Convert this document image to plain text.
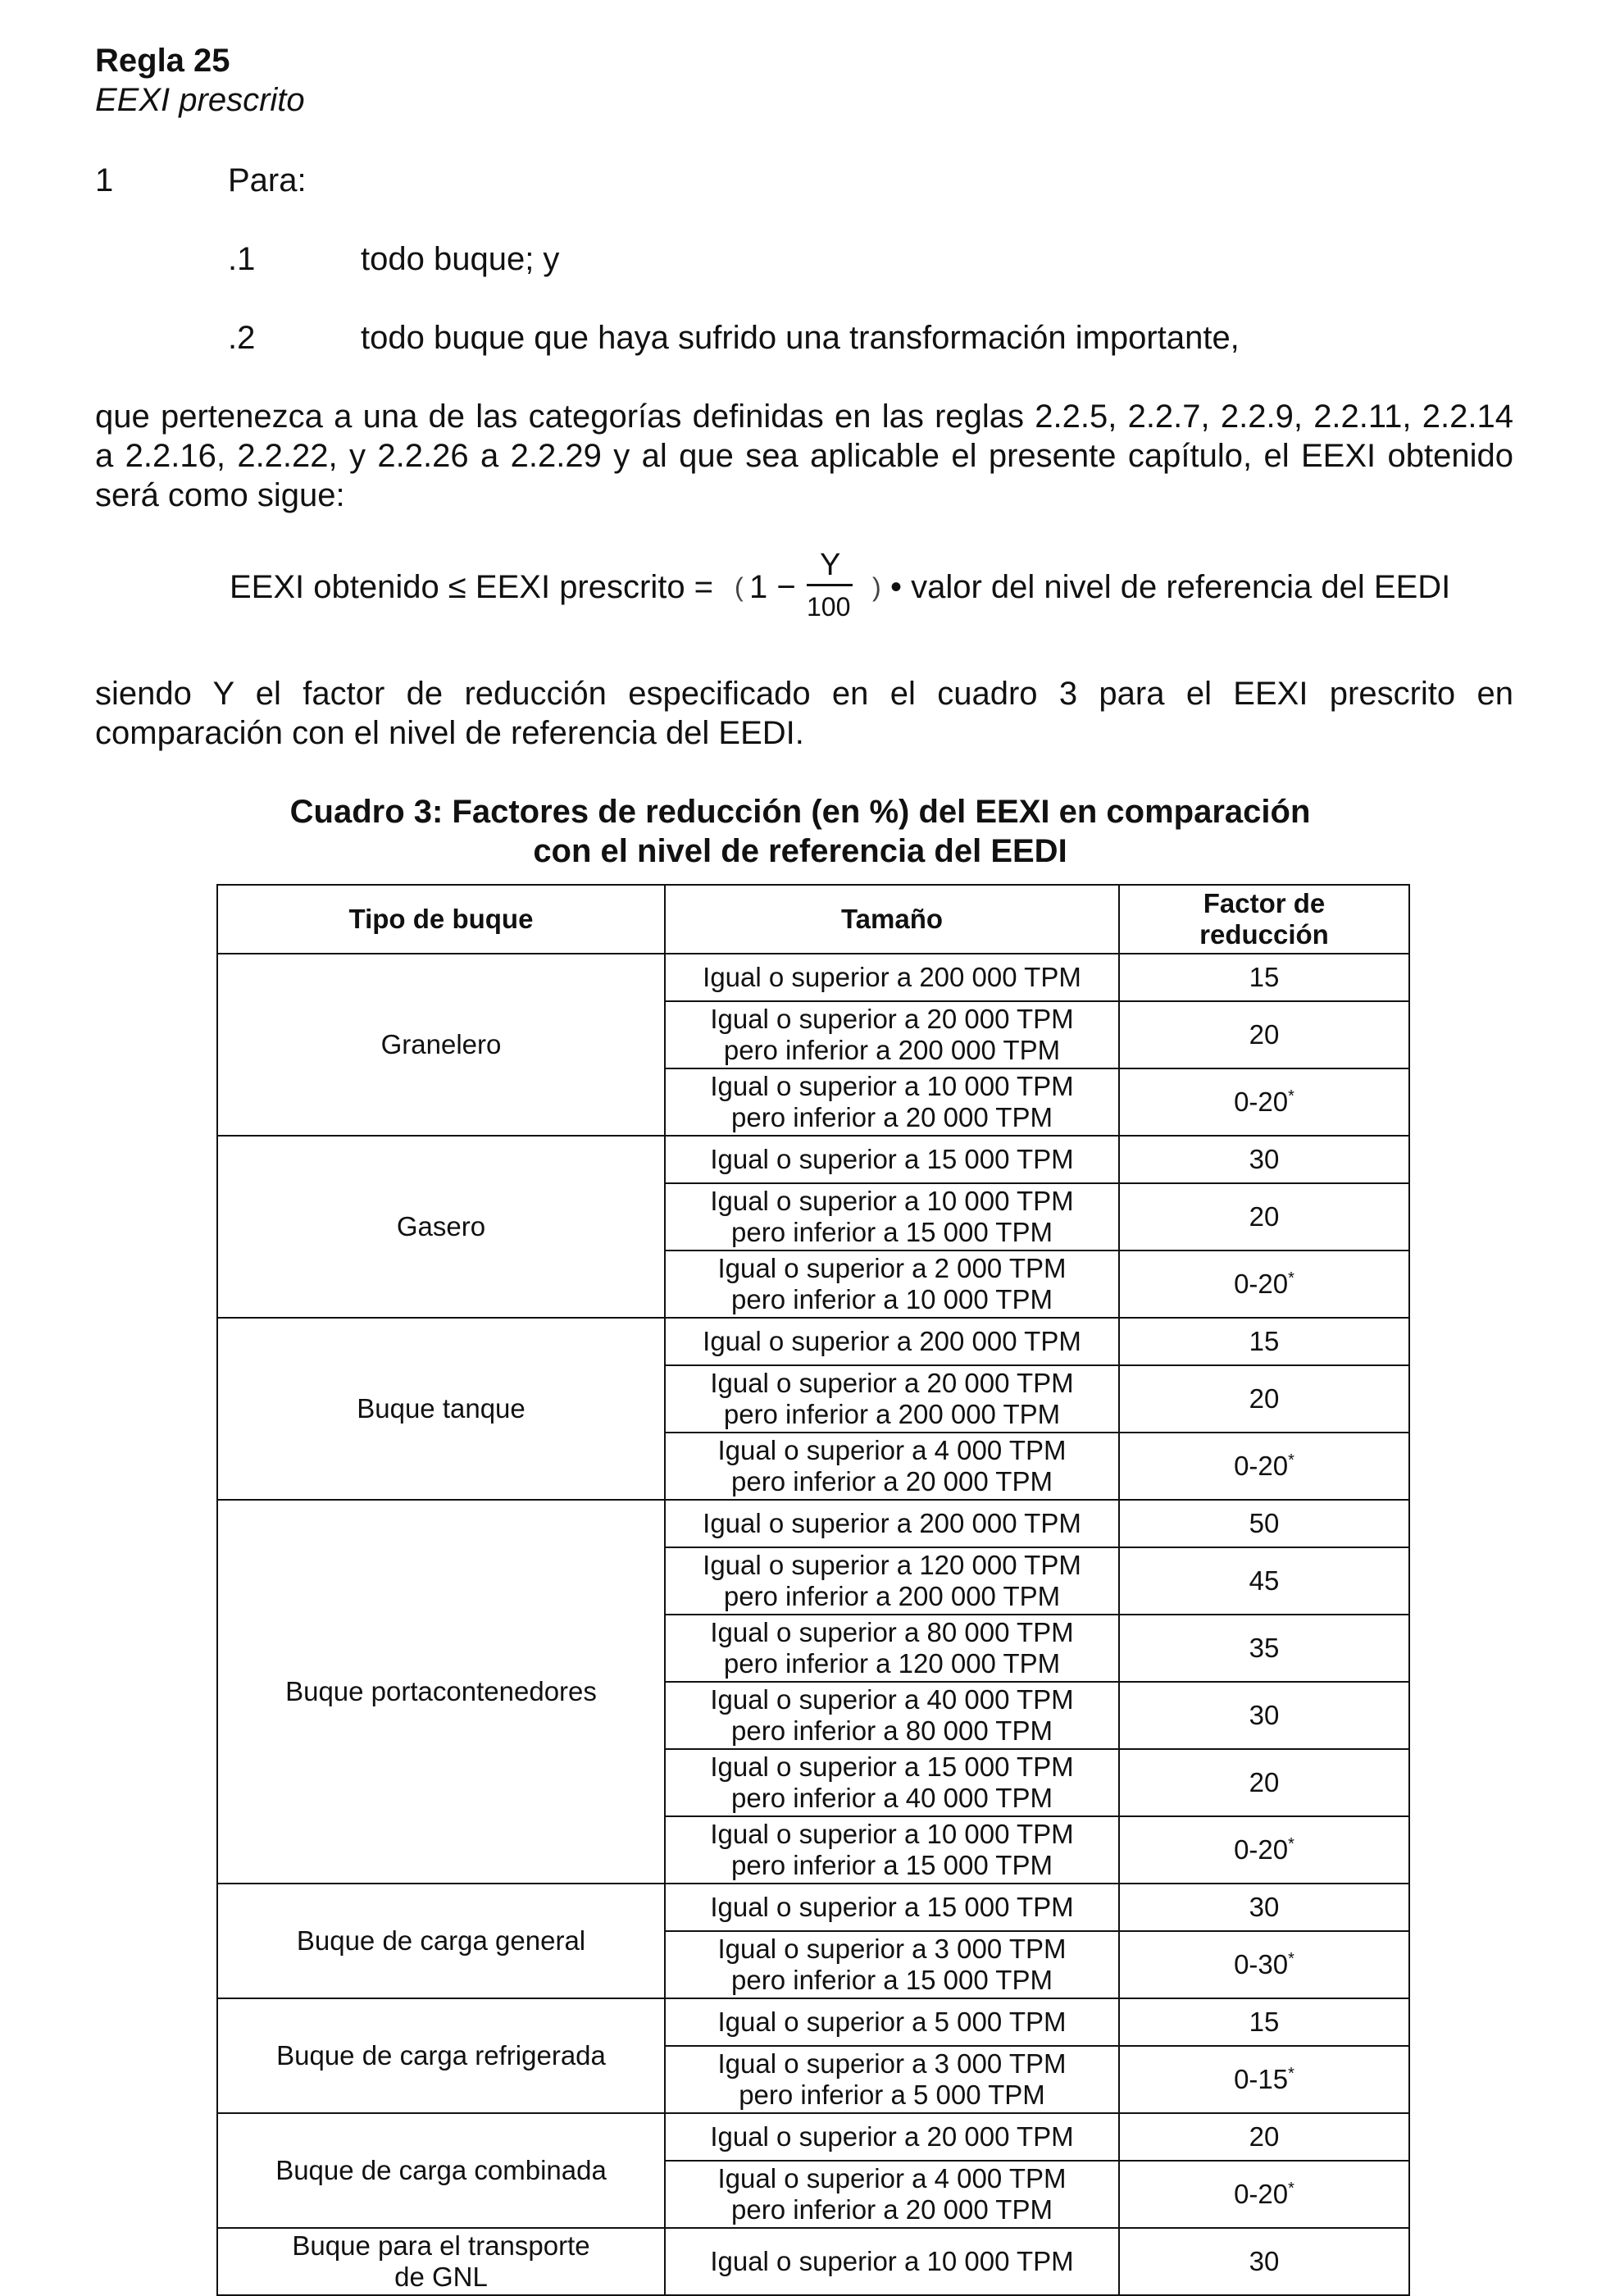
Regla 25
EEXI prescrito
1	Para:
.1	todo buque; y
.2	todo buque que haya sufrido una transformación importante,
que pertenezca a una de las categorías definidas en las reglas 2.2.5, 2.2.7, 2.2.9, 2.2.11, 2.2.14 a 2.2.16, 2.2.22, y 2.2.26 a 2.2.29 y al que sea aplicable el presente capítulo, el EEXI obtenido será como sigue:
EEXI obtenido ≤ EEXI prescrito = ( 1 −
Y
100
) • valor del nivel de referencia del EEDI
siendo Y el factor de reducción especificado en el cuadro 3 para el EEXI prescrito en comparación con el nivel de referencia del EEDI.
Cuadro 3: Factores de reducción (en %) del EEXI en comparación
con el nivel de referencia del EEDI
Tipo de buque	Tamaño	Factor de
reducción

Granelero	Igual o superior a 200 000 TPM	15

	Igual o superior a 20 000 TPM
pero inferior a 200 000 TPM	20

	Igual o superior a 10 000 TPM
pero inferior a 20 000 TPM	0-20*

Gasero	Igual o superior a 15 000 TPM	30

	Igual o superior a 10 000 TPM
pero inferior a 15 000 TPM	20

	Igual o superior a 2 000 TPM
pero inferior a 10 000 TPM	0-20*

Buque tanque	Igual o superior a 200 000 TPM	15

	Igual o superior a 20 000 TPM
pero inferior a 200 000 TPM	20

	Igual o superior a 4 000 TPM
pero inferior a 20 000 TPM	0-20*

Buque portacontenedores	Igual o superior a 200 000 TPM	50

	Igual o superior a 120 000 TPM
pero inferior a 200 000 TPM	45

	Igual o superior a 80 000 TPM
pero inferior a 120 000 TPM	35

	Igual o superior a 40 000 TPM
pero inferior a 80 000 TPM	30

	Igual o superior a 15 000 TPM
pero inferior a 40 000 TPM	20

	Igual o superior a 10 000 TPM
pero inferior a 15 000 TPM	0-20*

Buque de carga general	Igual o superior a 15 000 TPM	30

	Igual o superior a 3 000 TPM
pero inferior a 15 000 TPM	0-30*

Buque de carga refrigerada	Igual o superior a 5 000 TPM	15

	Igual o superior a 3 000 TPM
pero inferior a 5 000 TPM	0-15*

Buque de carga combinada	Igual o superior a 20 000 TPM	20

	Igual o superior a 4 000 TPM
pero inferior a 20 000 TPM	0-20*

Buque para el transporte
de GNL	Igual o superior a 10 000 TPM	30
